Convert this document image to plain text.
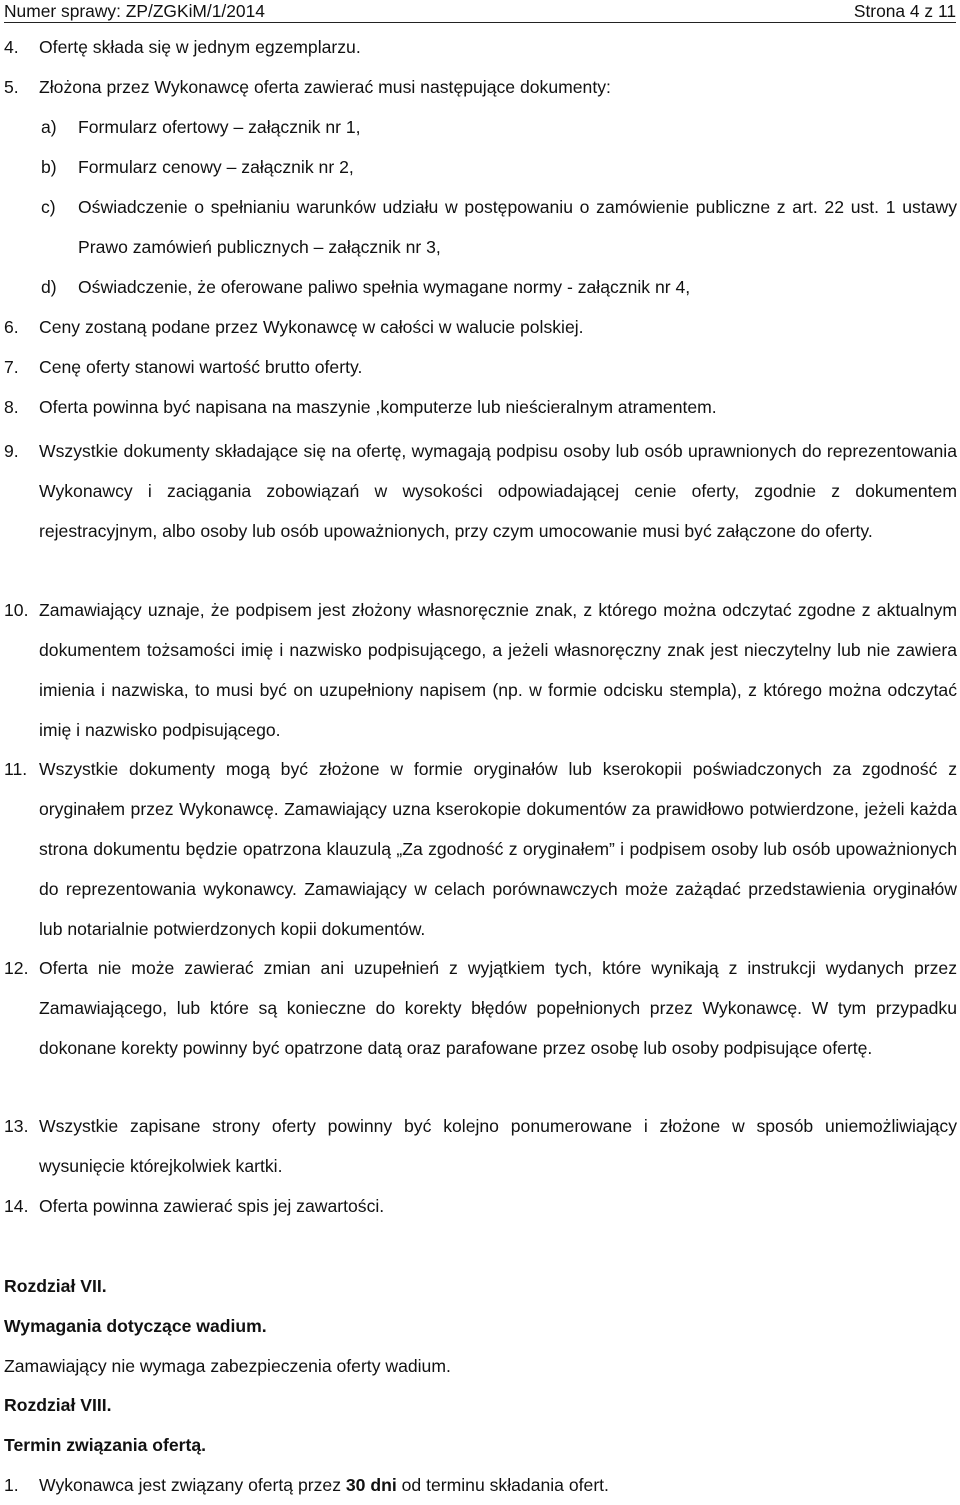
Numer sprawy: ZP/ZGKiM/1/2014	Strona 4 z 11
4. Ofertę składa się w jednym egzemplarzu.
5. Złożona przez Wykonawcę oferta zawierać musi następujące dokumenty:
a) Formularz ofertowy – załącznik nr 1,
b) Formularz cenowy – załącznik nr 2,
c) Oświadczenie o spełnianiu warunków udziału w postępowaniu o zamówienie publiczne z art. 22 ust. 1 ustawy Prawo zamówień publicznych – załącznik nr 3,
d) Oświadczenie, że oferowane paliwo spełnia wymagane normy - załącznik nr 4,
6. Ceny zostaną podane przez Wykonawcę w całości w walucie polskiej.
7. Cenę oferty stanowi wartość brutto oferty.
8. Oferta powinna być napisana na maszynie ,komputerze lub nieścieralnym atramentem.
9. Wszystkie dokumenty składające się na ofertę, wymagają podpisu osoby lub osób uprawnionych do reprezentowania Wykonawcy i zaciągania zobowiązań w wysokości odpowiadającej cenie oferty, zgodnie z dokumentem rejestracyjnym, albo osoby lub osób upoważnionych, przy czym umocowanie musi być załączone do oferty.
10. Zamawiający uznaje, że podpisem jest złożony własnoręcznie znak, z którego można odczytać zgodne z aktualnym dokumentem tożsamości imię i nazwisko podpisującego, a jeżeli własnoręczny znak jest nieczytelny lub nie zawiera imienia i nazwiska, to musi być on uzupełniony napisem (np. w formie odcisku stempla), z którego można odczytać imię i nazwisko podpisującego.
11. Wszystkie dokumenty mogą być złożone w formie oryginałów lub kserokopii poświadczonych za zgodność z oryginałem przez Wykonawcę. Zamawiający uzna kserokopie dokumentów za prawidłowo potwierdzone, jeżeli każda strona dokumentu będzie opatrzona klauzulą „Za zgodność z oryginałem” i podpisem osoby lub osób upoważnionych do reprezentowania wykonawcy. Zamawiający w celach porównawczych może zażądać przedstawienia oryginałów lub notarialnie potwierdzonych kopii dokumentów.
12. Oferta nie może zawierać zmian ani uzupełnień z wyjątkiem tych, które wynikają z instrukcji wydanych przez Zamawiającego, lub które są konieczne do korekty błędów popełnionych przez Wykonawcę. W tym przypadku dokonane korekty powinny być opatrzone datą oraz parafowane przez osobę lub osoby podpisujące ofertę.
13. Wszystkie zapisane strony oferty powinny być kolejno ponumerowane i złożone w sposób uniemożliwiający wysunięcie którejkolwiek kartki.
14. Oferta powinna zawierać spis jej zawartości.
Rozdział VII.
Wymagania dotyczące wadium.
Zamawiający nie wymaga zabezpieczenia oferty wadium.
Rozdział VIII.
Termin związania ofertą.
1. Wykonawca jest związany ofertą przez 30 dni od terminu składania ofert.
